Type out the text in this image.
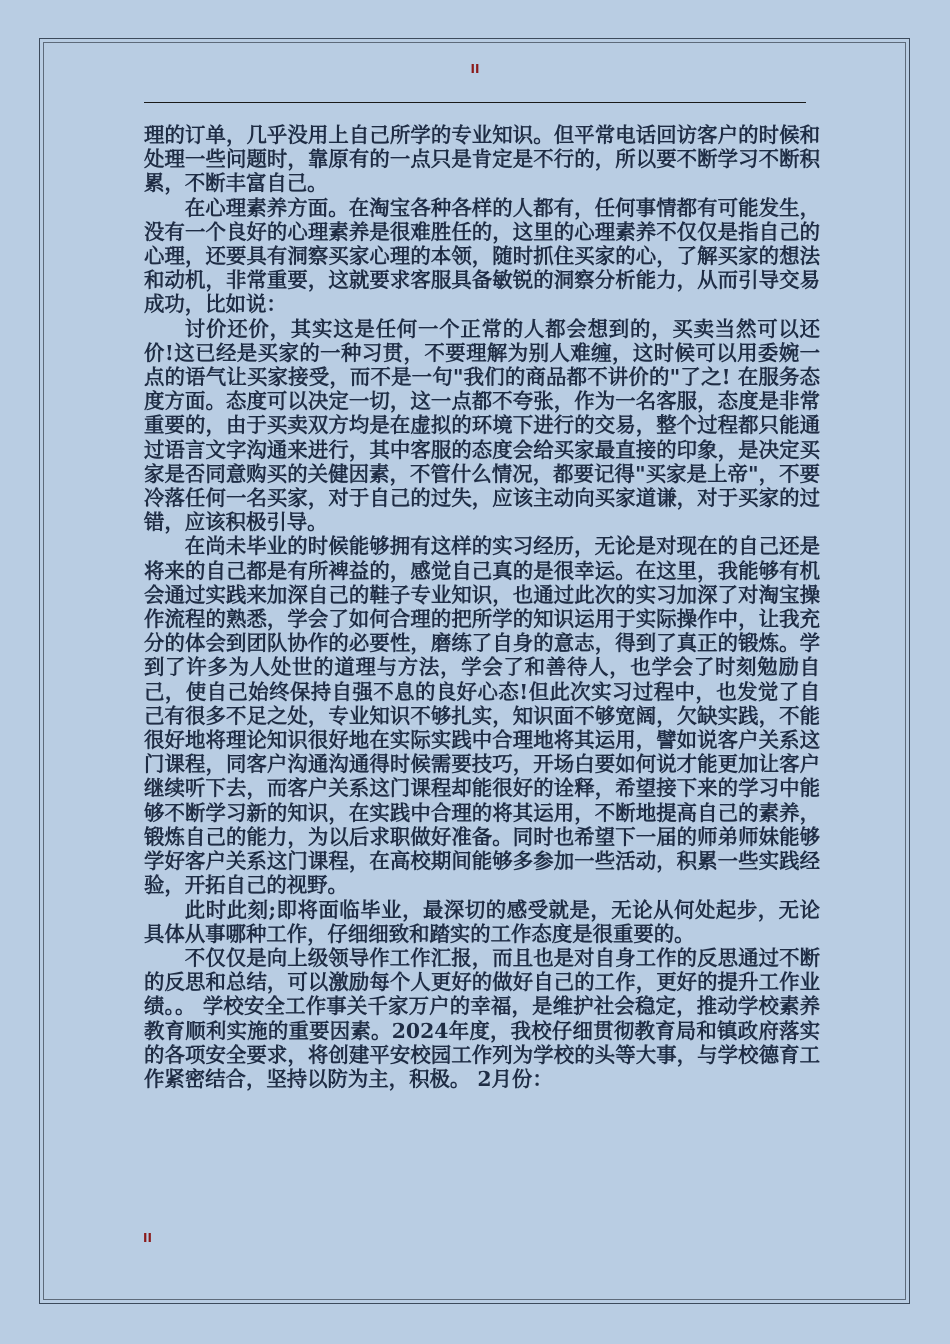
II

理的订单，几乎没用上自己所学的专业知识。但平常电话回访客户的时候和处理一些问题时，靠原有的一点只是肯定是不行的，所以要不断学习不断积累，不断丰富自己。

在心理素养方面。在淘宝各种各样的人都有，任何事情都有可能发生，没有一个良好的心理素养是很难胜任的，这里的心理素养不仅仅是指自己的心理，还要具有洞察买家心理的本领，随时抓住买家的心，了解买家的想法和动机，非常重要，这就要求客服具备敏锐的洞察分析能力，从而引导交易成功，比如说：

讨价还价，其实这是任何一个正常的人都会想到的，买卖当然可以还价!这已经是买家的一种习贯，不要理解为别人难缠，这时候可以用委婉一点的语气让买家接受，而不是一句"我们的商品都不讲价的"了之! 在服务态度方面。态度可以决定一切，这一点都不夸张，作为一名客服，态度是非常重要的，由于买卖双方均是在虚拟的环境下进行的交易，整个过程都只能通过语言文字沟通来进行，其中客服的态度会给买家最直接的印象，是决定买家是否同意购买的关健因素，不管什么情况，都要记得"买家是上帝"，不要冷落任何一名买家，对于自己的过失，应该主动向买家道谦，对于买家的过错，应该积极引导。

在尚未毕业的时候能够拥有这样的实习经历，无论是对现在的自己还是将来的自己都是有所裨益的，感觉自己真的是很幸运。在这里，我能够有机会通过实践来加深自己的鞋子专业知识，也通过此次的实习加深了对淘宝操作流程的熟悉，学会了如何合理的把所学的知识运用于实际操作中，让我充分的体会到团队协作的必要性，磨练了自身的意志，得到了真正的锻炼。学到了许多为人处世的道理与方法，学会了和善待人，也学会了时刻勉励自己，使自己始终保持自强不息的良好心态!但此次实习过程中，也发觉了自己有很多不足之处，专业知识不够扎实，知识面不够宽阔，欠缺实践，不能很好地将理论知识很好地在实际实践中合理地将其运用，譬如说客户关系这门课程，同客户沟通沟通得时候需要技巧，开场白要如何说才能更加让客户继续听下去，而客户关系这门课程却能很好的诠释，希望接下来的学习中能够不断学习新的知识，在实践中合理的将其运用，不断地提高自己的素养，锻炼自己的能力，为以后求职做好准备。同时也希望下一届的师弟师妹能够学好客户关系这门课程，在高校期间能够多参加一些活动，积累一些实践经验，开拓自己的视野。

此时此刻;即将面临毕业，最深切的感受就是，无论从何处起步，无论具体从事哪种工作，仔细细致和踏实的工作态度是很重要的。

不仅仅是向上级领导作工作汇报，而且也是对自身工作的反思通过不断的反思和总结，可以激励每个人更好的做好自己的工作，更好的提升工作业绩。。 学校安全工作事关千家万户的幸福，是维护社会稳定，推动学校素养教育顺利实施的重要因素。2024年度，我校仔细贯彻教育局和镇政府落实的各项安全要求，将创建平安校园工作列为学校的头等大事，与学校德育工作紧密结合，坚持以防为主，积极。 2月份：

II
